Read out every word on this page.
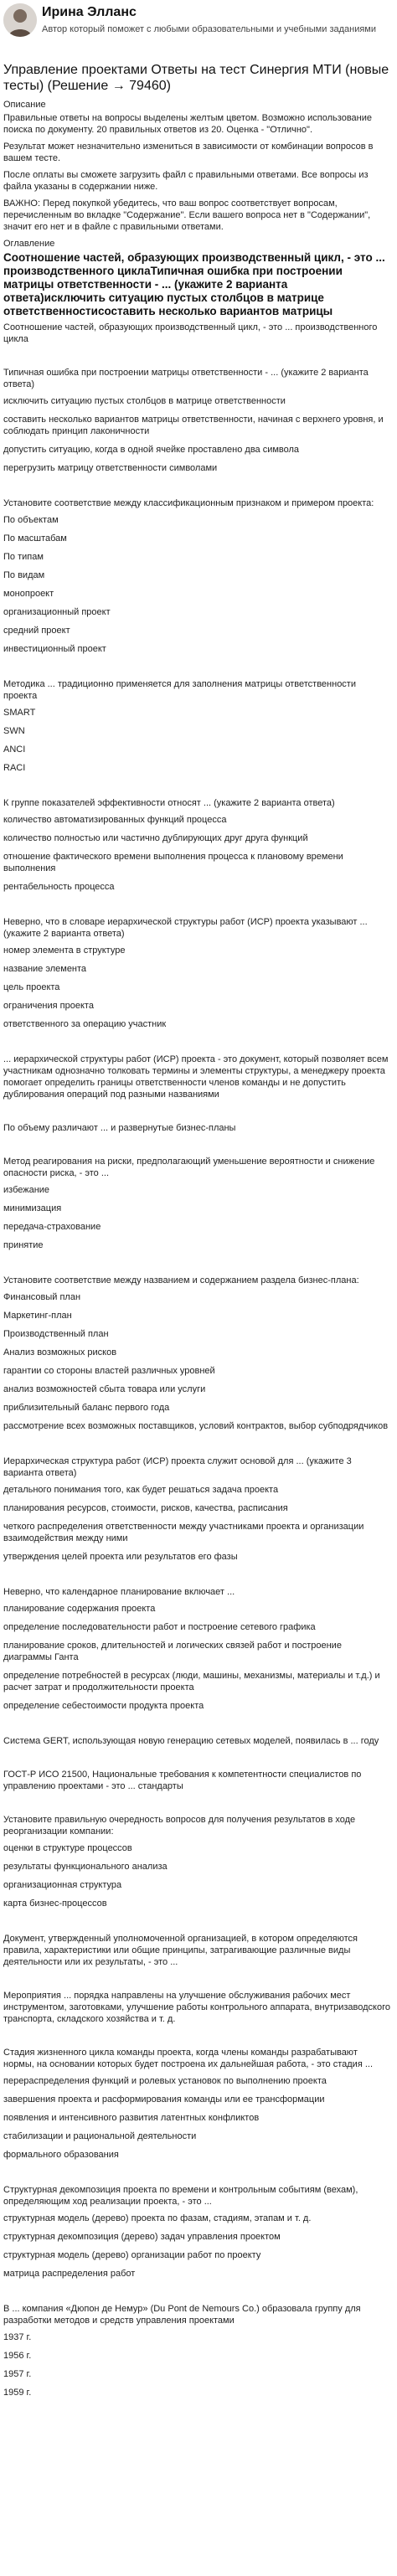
Ирина Элланс
Автор который поможет с любыми образовательными и учебными заданиями
Управление проектами Ответы на тест Синергия МТИ (новые тесты) (Решение → 79460)
Описание
Правильные ответы на вопросы выделены желтым цветом. Возможно использование поиска по документу. 20 правильных ответов из 20. Оценка - "Отлично".
Результат может незначительно измениться в зависимости от комбинации вопросов в вашем тесте.
После оплаты вы сможете загрузить файл с правильными ответами. Все вопросы из файла указаны в содержании ниже.
ВАЖНО: Перед покупкой убедитесь, что ваш вопрос соответствует вопросам, перечисленным во вкладке "Содержание". Если вашего вопроса нет в "Содержании", значит его нет и в файле с правильными ответами.
Оглавление
Соотношение частей, образующих производственный цикл, - это ... производственного циклаТипичная ошибка при построении матрицы ответственности - ... (укажите 2 варианта ответа)исключить ситуацию пустых столбцов в матрице ответственностисоставить несколько вариантов матрицы
Соотношение частей, образующих производственный цикл, - это ... производственного цикла
Типичная ошибка при построении матрицы ответственности - ... (укажите 2 варианта ответа)
исключить ситуацию пустых столбцов в матрице ответственности
составить несколько вариантов матрицы ответственности, начиная с верхнего уровня, и соблюдать принцип лаконичности
допустить ситуацию, когда в одной ячейке проставлено два символа
перегрузить матрицу ответственности символами
Установите соответствие между классификационным признаком и примером проекта:
По объектам
По масштабам
По типам
По видам
монопроект
организационный проект
средний проект
инвестиционный проект
Методика ... традиционно применяется для заполнения матрицы ответственности проекта
SMART
SWN
ANCI
RACI
К группе показателей эффективности относят ... (укажите 2 варианта ответа)
количество автоматизированных функций процесса
количество полностью или частично дублирующих друг друга функций
отношение фактического времени выполнения процесса к плановому времени выполнения
рентабельность процесса
Неверно, что в словаре иерархической структуры работ (ИСР) проекта указывают ... (укажите 2 варианта ответа)
номер элемента в структуре
название элемента
цель проекта
ограничения проекта
ответственного за операцию участник
... иерархической структуры работ (ИСР) проекта - это документ, который позволяет всем участникам однозначно толковать термины и элементы структуры, а менеджеру проекта помогает определить границы ответственности членов команды и не допустить дублирования операций под разными названиями
По объему различают ... и развернутые бизнес-планы
Метод реагирования на риски, предполагающий уменьшение вероятности и снижение опасности риска, - это ...
избежание
минимизация
передача-страхование
принятие
Установите соответствие между названием и содержанием раздела бизнес-плана:
Финансовый план
Маркетинг-план
Производственный план
Анализ возможных рисков
гарантии со стороны властей различных уровней
анализ возможностей сбыта товара или услуги
приблизительный баланс первого года
рассмотрение всех возможных поставщиков, условий контрактов, выбор субподрядчиков
Иерархическая структура работ (ИСР) проекта служит основой для ... (укажите 3 варианта ответа)
детального понимания того, как будет решаться задача проекта
планирования ресурсов, стоимости, рисков, качества, расписания
четкого распределения ответственности между участниками проекта и организации взаимодействия между ними
утверждения целей проекта или результатов его фазы
Неверно, что календарное планирование включает ...
планирование содержания проекта
определение последовательности работ и построение сетевого графика
планирование сроков, длительностей и логических связей работ и построение диаграммы Ганта
определение потребностей в ресурсах (люди, машины, механизмы, материалы и т.д.) и расчет затрат и продолжительности проекта
определение себестоимости продукта проекта
Система GERT, использующая новую генерацию сетевых моделей, появилась в ... году
ГОСТ-Р ИСО 21500, Национальные требования к компетентности специалистов по управлению проектами - это ... стандарты
Установите правильную очередность вопросов для получения результатов в ходе реорганизации компании:
оценки в структуре процессов
результаты функционального анализа
организационная структура
карта бизнес-процессов
Документ, утвержденный уполномоченной организацией, в котором определяются правила, характеристики или общие принципы, затрагивающие различные виды деятельности или их результаты, - это ...
Мероприятия ... порядка направлены на улучшение обслуживания рабочих мест инструментом, заготовками, улучшение работы контрольного аппарата, внутризаводского транспорта, складского хозяйства и т. д.
Стадия жизненного цикла команды проекта, когда члены команды разрабатывают нормы, на основании которых будет построена их дальнейшая работа, - это стадия ...
перераспределения функций и ролевых установок по выполнению проекта
завершения проекта и расформирования команды или ее трансформации
появления и интенсивного развития латентных конфликтов
стабилизации и рациональной деятельности
формального образования
Структурная декомпозиция проекта по времени и контрольным событиям (вехам), определяющим ход реализации проекта, - это ...
структурная модель (дерево) проекта по фазам, стадиям, этапам и т. д.
структурная декомпозиция (дерево) задач управления проектом
структурная модель (дерево) организации работ по проекту
матрица распределения работ
В ... компания «Дюпон де Немур» (Du Pont de Nemours Co.) образовала группу для разработки методов и средств управления проектами
1937 г.
1956 г.
1957 г.
1959 г.
